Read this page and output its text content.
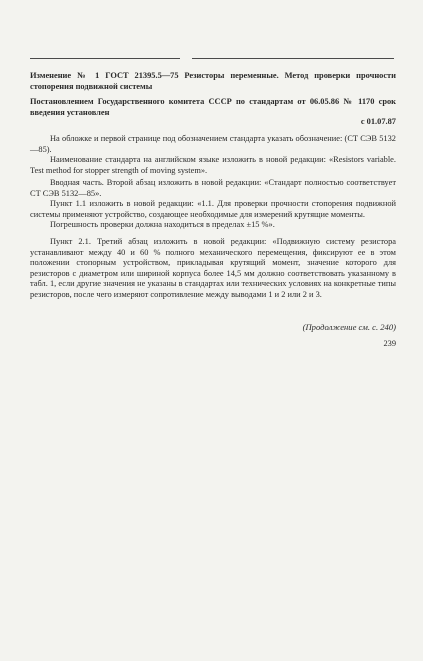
Изменение № 1 ГОСТ 21395.5—75 Резисторы переменные. Метод проверки прочности стопорения подвижной системы
Постановлением Государственного комитета СССР по стандартам от 06.05.86 № 1170 срок введения установлен
с 01.07.87

На обложке и первой странице под обозначением стандарта указать обозначение: (СТ СЭВ 5132—85).

Наименование стандарта на английском языке изложить в новой редакции: «Resistors variable. Test method for stopper strength of moving system».

Вводная часть. Второй абзац изложить в новой редакции: «Стандарт полностью соответствует СТ СЭВ 5132—85».

Пункт 1.1 изложить в новой редакции: «1.1. Для проверки прочности стопорения подвижной системы применяют устройство, создающее необходимые для измерений крутящие моменты.

Погрешность проверки должна находиться в пределах ±15 %».

Пункт 2.1. Третий абзац изложить в новой редакции: «Подвижную систему резистора устанавливают между 40 и 60 % полного механического перемещения, фиксируют ее в этом положении стопорным устройством, прикладывая крутящий момент, значение которого для резисторов с диаметром или шириной корпуса более 14,5 мм должно соответствовать указанному в табл. 1, если другие значения не указаны в стандартах или технических условиях на конкретные типы резисторов, после чего измеряют сопротивление между выводами 1 и 2 или 2 и 3.

(Продолжение см. с. 240)
239
